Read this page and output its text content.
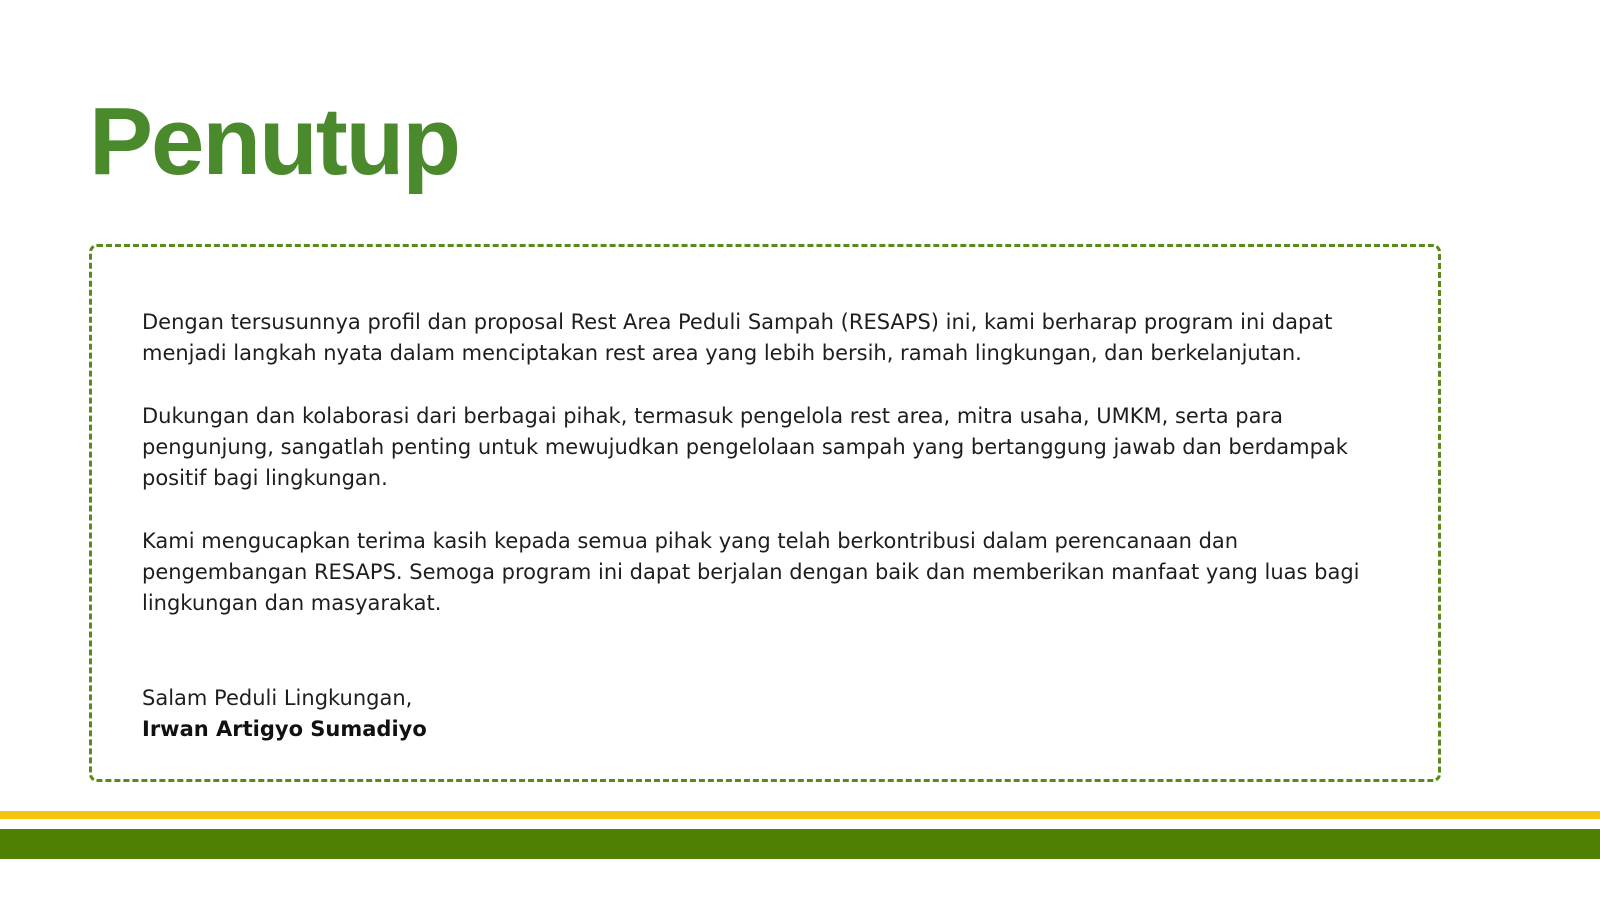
Penutup

Dengan tersusunnya profil dan proposal Rest Area Peduli Sampah (RESAPS) ini, kami berharap program ini dapat menjadi langkah nyata dalam menciptakan rest area yang lebih bersih, ramah lingkungan, dan berkelanjutan.

Dukungan dan kolaborasi dari berbagai pihak, termasuk pengelola rest area, mitra usaha, UMKM, serta para pengunjung, sangatlah penting untuk mewujudkan pengelolaan sampah yang bertanggung jawab dan berdampak positif bagi lingkungan.

Kami mengucapkan terima kasih kepada semua pihak yang telah berkontribusi dalam perencanaan dan pengembangan RESAPS. Semoga program ini dapat berjalan dengan baik dan memberikan manfaat yang luas bagi lingkungan dan masyarakat.

Salam Peduli Lingkungan,
Irwan Artigyo Sumadiyo
